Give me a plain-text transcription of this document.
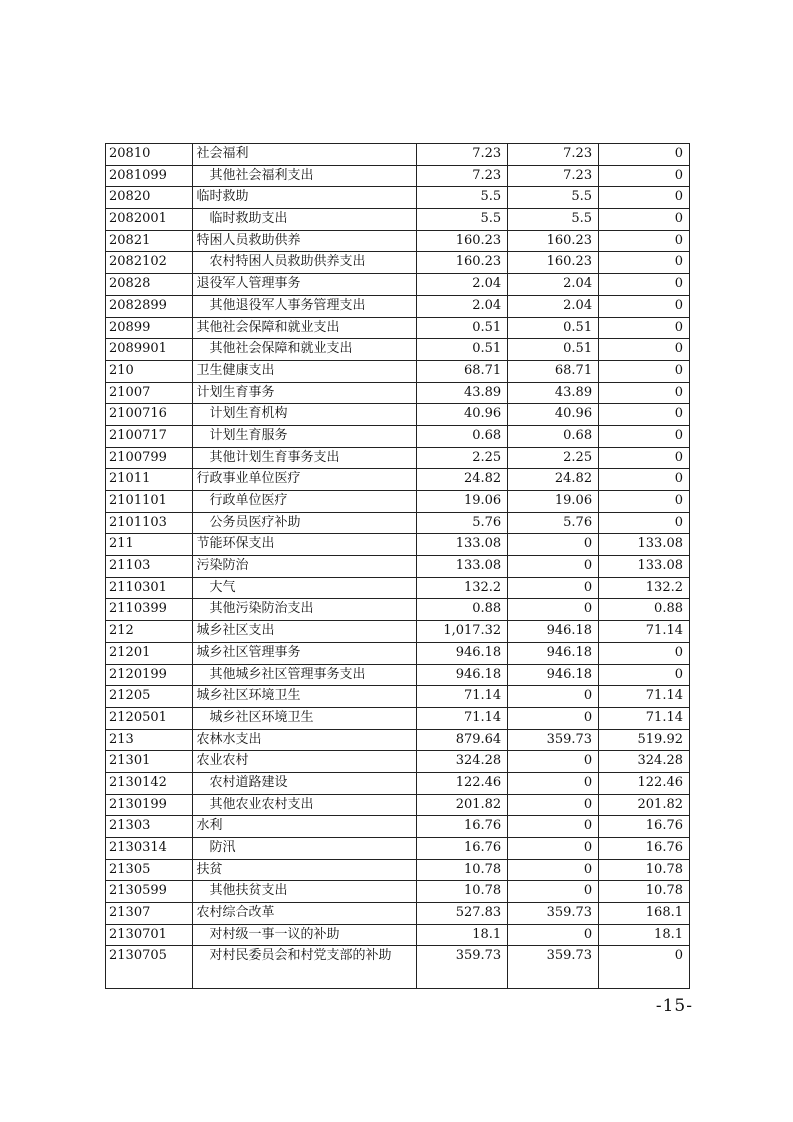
20810	社会福利	7.23	7.23	0
2081099	其他社会福利支出	7.23	7.23	0
20820	临时救助	5.5	5.5	0
2082001	临时救助支出	5.5	5.5	0
20821	特困人员救助供养	160.23	160.23	0
2082102	农村特困人员救助供养支出	160.23	160.23	0
20828	退役军人管理事务	2.04	2.04	0
2082899	其他退役军人事务管理支出	2.04	2.04	0
20899	其他社会保障和就业支出	0.51	0.51	0
2089901	其他社会保障和就业支出	0.51	0.51	0
210	卫生健康支出	68.71	68.71	0
21007	计划生育事务	43.89	43.89	0
2100716	计划生育机构	40.96	40.96	0
2100717	计划生育服务	0.68	0.68	0
2100799	其他计划生育事务支出	2.25	2.25	0
21011	行政事业单位医疗	24.82	24.82	0
2101101	行政单位医疗	19.06	19.06	0
2101103	公务员医疗补助	5.76	5.76	0
211	节能环保支出	133.08	0	133.08
21103	污染防治	133.08	0	133.08
2110301	大气	132.2	0	132.2
2110399	其他污染防治支出	0.88	0	0.88
212	城乡社区支出	1,017.32	946.18	71.14
21201	城乡社区管理事务	946.18	946.18	0
2120199	其他城乡社区管理事务支出	946.18	946.18	0
21205	城乡社区环境卫生	71.14	0	71.14
2120501	城乡社区环境卫生	71.14	0	71.14
213	农林水支出	879.64	359.73	519.92
21301	农业农村	324.28	0	324.28
2130142	农村道路建设	122.46	0	122.46
2130199	其他农业农村支出	201.82	0	201.82
21303	水利	16.76	0	16.76
2130314	防汛	16.76	0	16.76
21305	扶贫	10.78	0	10.78
2130599	其他扶贫支出	10.78	0	10.78
21307	农村综合改革	527.83	359.73	168.1
2130701	对村级一事一议的补助	18.1	0	18.1
2130705	对村民委员会和村党支部的补助	359.73	359.73	0
-15-
